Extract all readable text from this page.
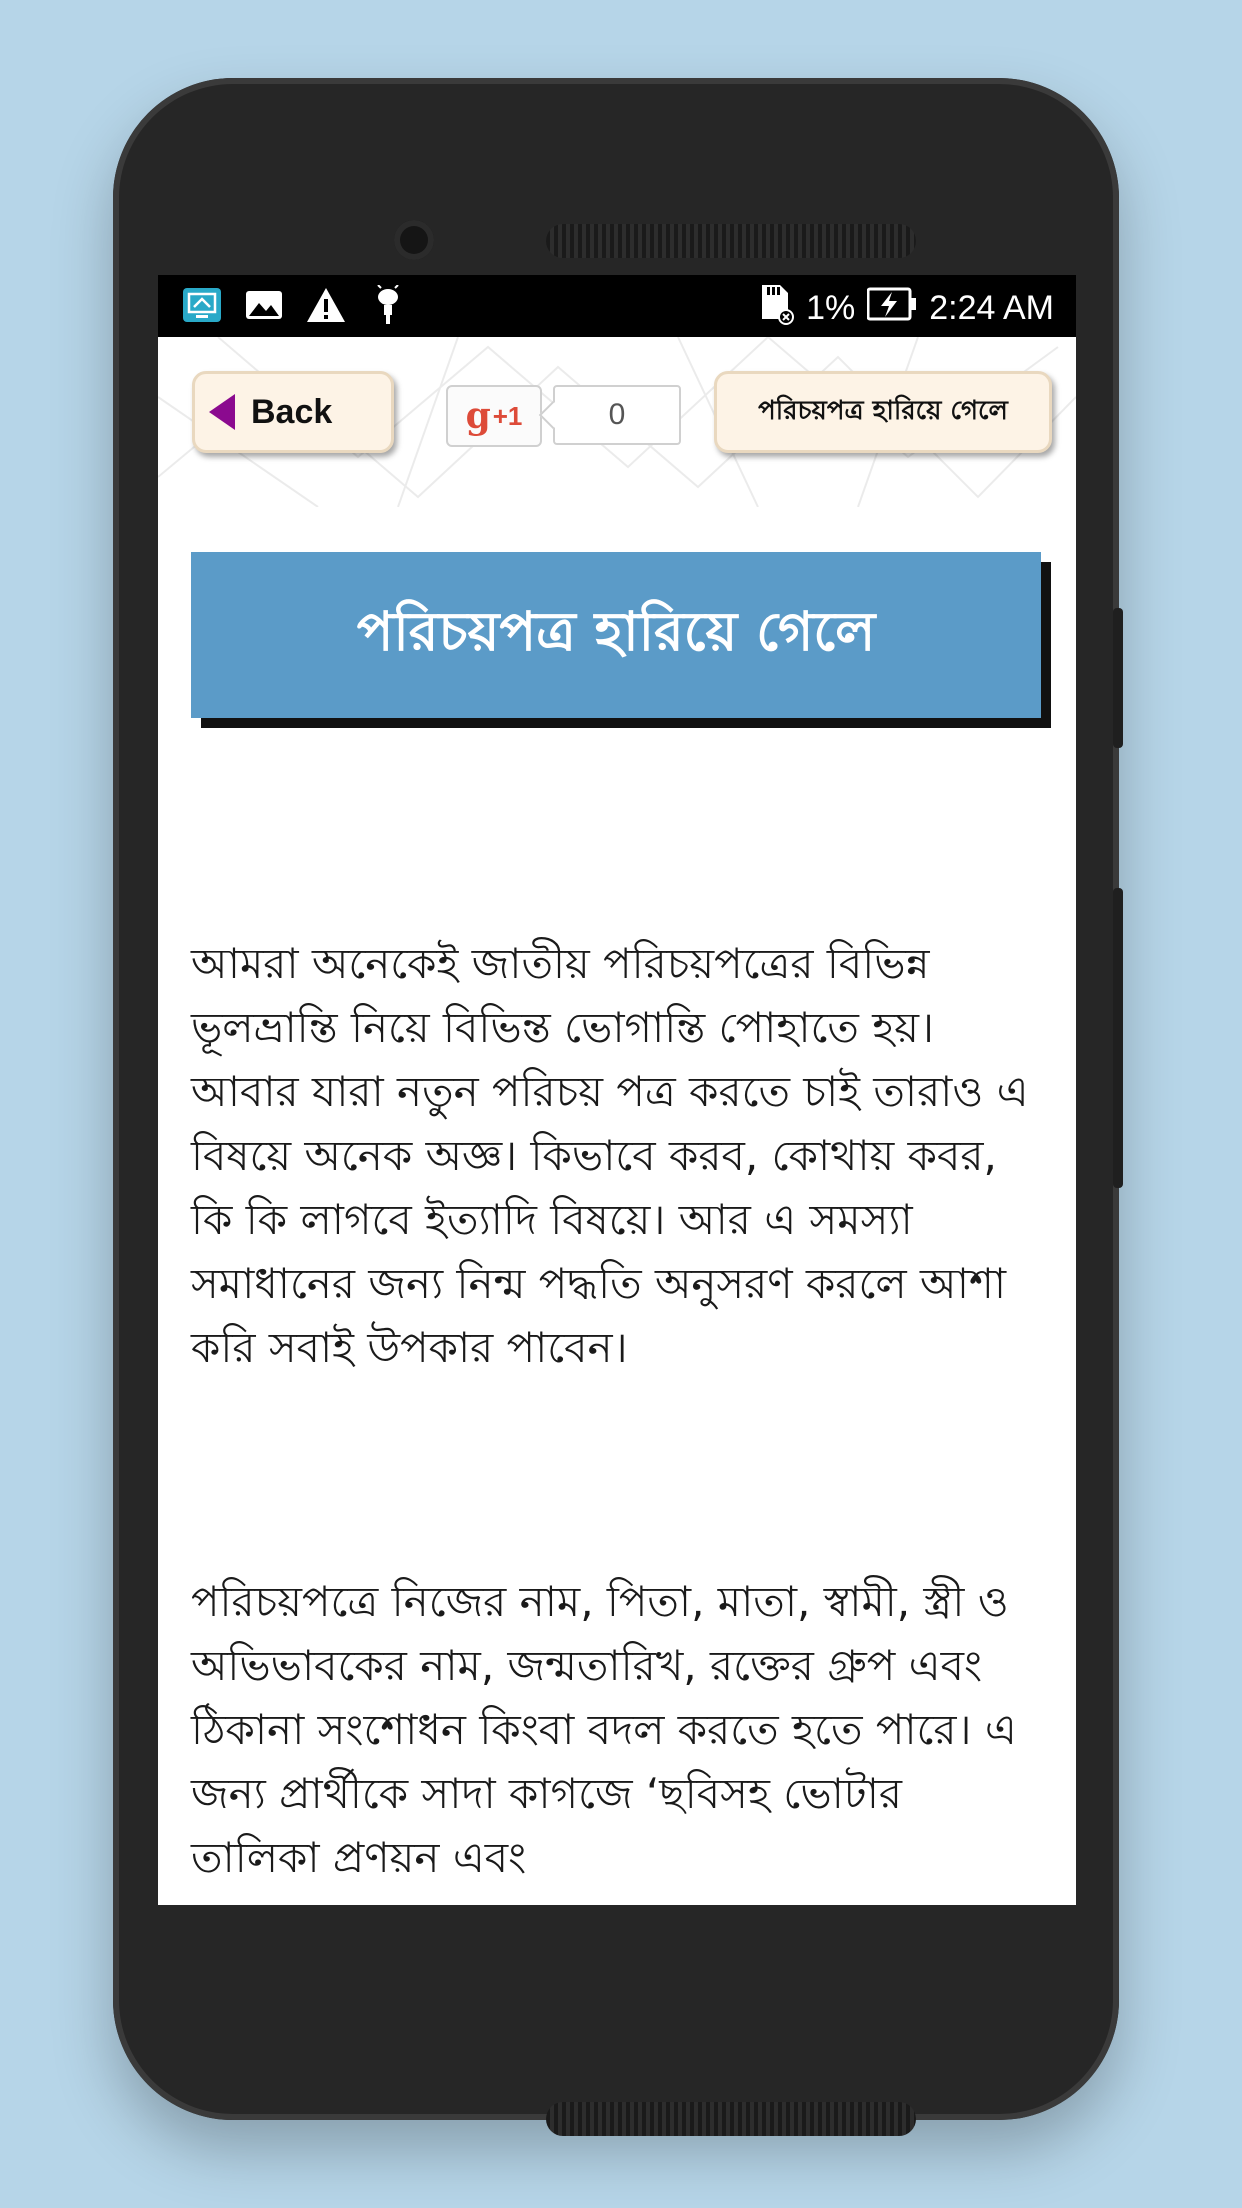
1% 2:24 AM
Back	g +1	0	পরিচয়পত্র হারিয়ে গেলে
পরিচয়পত্র হারিয়ে গেলে
আমরা অনেকেই জাতীয় পরিচয়পত্রের বিভিন্ন ভূলভ্রান্তি নিয়ে বিভিন্ত ভোগান্তি পোহাতে হয়। আবার যারা নতুন পরিচয় পত্র করতে চাই তারাও এ বিষয়ে অনেক অজ্ঞ। কিভাবে করব, কোথায় কবর, কি কি লাগবে ইত্যাদি বিষয়ে। আর এ সমস্যা সমাধানের জন্য নিন্ম পদ্ধতি অনুসরণ করলে আশা করি সবাই উপকার পাবেন।
পরিচয়পত্রে নিজের নাম, পিতা, মাতা, স্বামী, স্ত্রী ও অভিভাবকের নাম, জন্মতারিখ, রক্তের গ্রুপ এবং ঠিকানা সংশোধন কিংবা বদল করতে হতে পারে। এ জন্য প্রার্থীকে সাদা কাগজে ‘ছবিসহ ভোটার তালিকা প্রণয়ন এবং
